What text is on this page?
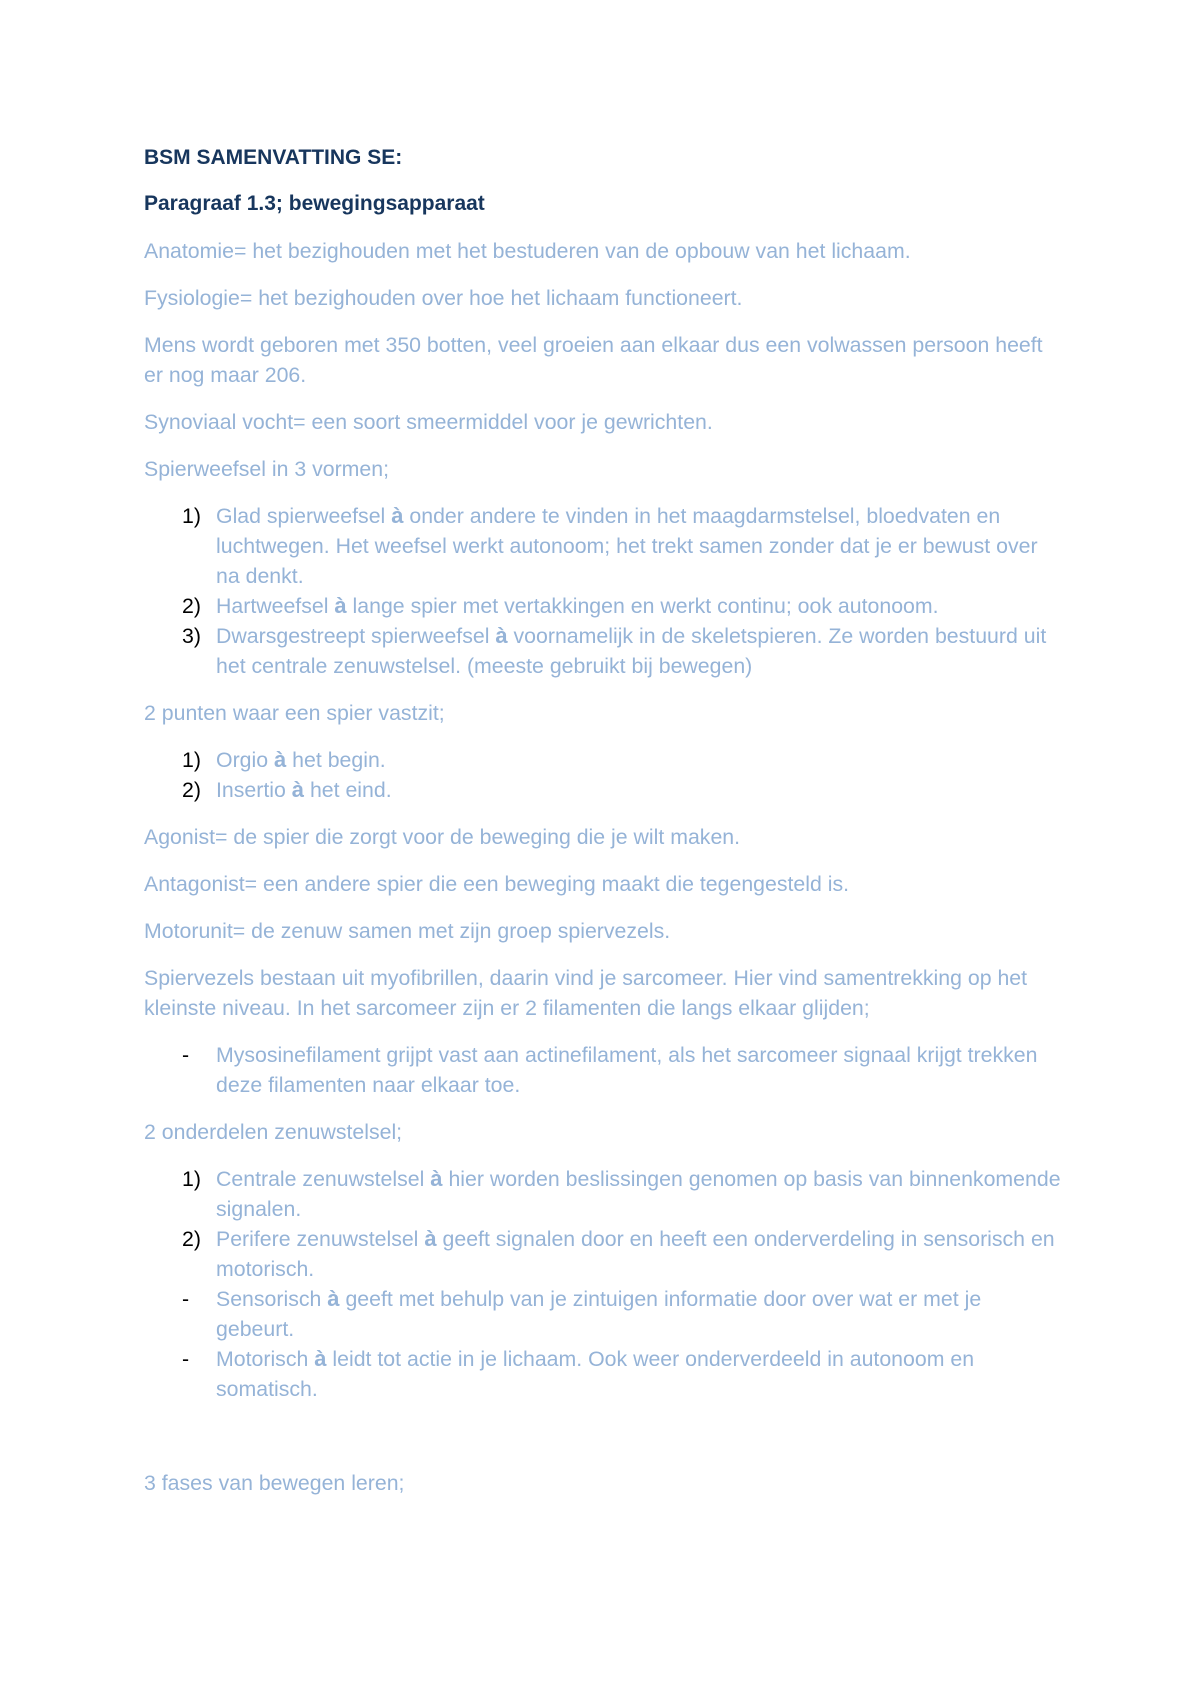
BSM SAMENVATTING SE:
Paragraaf 1.3; bewegingsapparaat

Anatomie= het bezighouden met het bestuderen van de opbouw van het lichaam.

Fysiologie= het bezighouden over hoe het lichaam functioneert.

Mens wordt geboren met 350 botten, veel groeien aan elkaar dus een volwassen persoon heeft er nog maar 206.

Synoviaal vocht= een soort smeermiddel voor je gewrichten.

Spierweefsel in 3 vormen;

1) Glad spierweefsel à onder andere te vinden in het maagdarmstelsel, bloedvaten en luchtwegen. Het weefsel werkt autonoom; het trekt samen zonder dat je er bewust over na denkt.
2) Hartweefsel à lange spier met vertakkingen en werkt continu; ook autonoom.
3) Dwarsgestreept spierweefsel à voornamelijk in de skeletspieren. Ze worden bestuurd uit het centrale zenuwstelsel. (meeste gebruikt bij bewegen)

2 punten waar een spier vastzit;

1) Orgio à het begin.
2) Insertio à het eind.

Agonist= de spier die zorgt voor de beweging die je wilt maken.

Antagonist= een andere spier die een beweging maakt die tegengesteld is.

Motorunit= de zenuw samen met zijn groep spiervezels.

Spiervezels bestaan uit myofibrillen, daarin vind je sarcomeer. Hier vind samentrekking op het kleinste niveau. In het sarcomeer zijn er 2 filamenten die langs elkaar glijden;

- Mysosinefilament grijpt vast aan actinefilament, als het sarcomeer signaal krijgt trekken deze filamenten naar elkaar toe.

2 onderdelen zenuwstelsel;

1) Centrale zenuwstelsel à hier worden beslissingen genomen op basis van binnenkomende signalen.
2) Perifere zenuwstelsel à geeft signalen door en heeft een onderverdeling in sensorisch en motorisch.
- Sensorisch à geeft met behulp van je zintuigen informatie door over wat er met je gebeurt.
- Motorisch à leidt tot actie in je lichaam. Ook weer onderverdeeld in autonoom en somatisch.

3 fases van bewegen leren;
